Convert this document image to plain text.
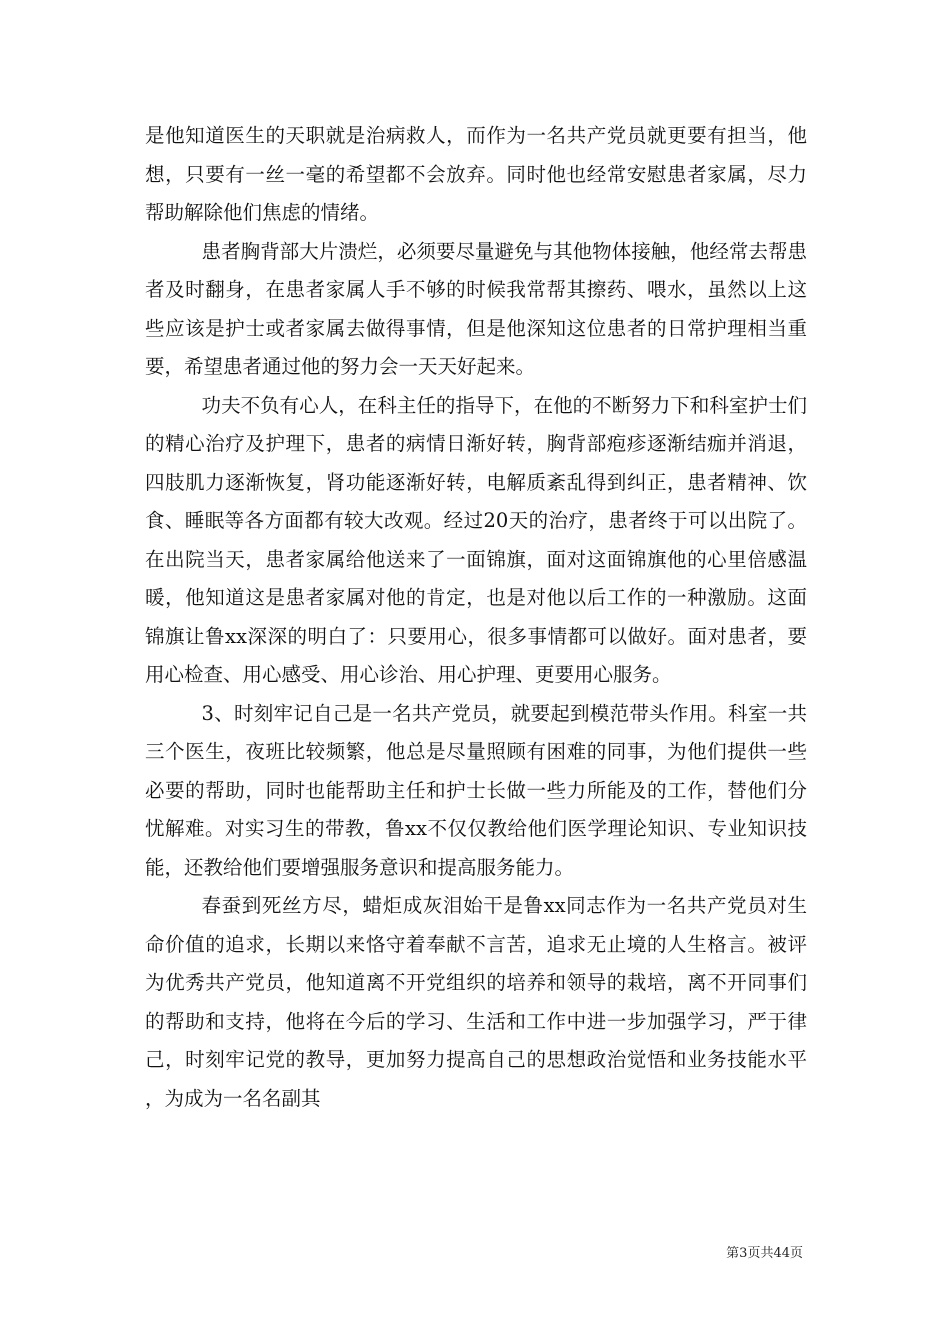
是他知道医生的天职就是治病救人，而作为一名共产党员就更要有担当，他想，只要有一丝一毫的希望都不会放弃。同时他也经常安慰患者家属，尽力帮助解除他们焦虑的情绪。

患者胸背部大片溃烂，必须要尽量避免与其他物体接触，他经常去帮患者及时翻身，在患者家属人手不够的时候我常帮其擦药、喂水，虽然以上这些应该是护士或者家属去做得事情，但是他深知这位患者的日常护理相当重要，希望患者通过他的努力会一天天好起来。

功夫不负有心人，在科主任的指导下，在他的不断努力下和科室护士们的精心治疗及护理下，患者的病情日渐好转，胸背部疱疹逐渐结痂并消退，四肢肌力逐渐恢复，肾功能逐渐好转，电解质紊乱得到纠正，患者精神、饮食、睡眠等各方面都有较大改观。经过20天的治疗，患者终于可以出院了。在出院当天，患者家属给他送来了一面锦旗，面对这面锦旗他的心里倍感温暖，他知道这是患者家属对他的肯定，也是对他以后工作的一种激励。这面锦旗让鲁xx深深的明白了：只要用心，很多事情都可以做好。面对患者，要用心检查、用心感受、用心诊治、用心护理、更要用心服务。

3、时刻牢记自己是一名共产党员，就要起到模范带头作用。科室一共三个医生，夜班比较频繁，他总是尽量照顾有困难的同事，为他们提供一些必要的帮助，同时也能帮助主任和护士长做一些力所能及的工作，替他们分忧解难。对实习生的带教，鲁xx不仅仅教给他们医学理论知识、专业知识技能，还教给他们要增强服务意识和提高服务能力。

春蚕到死丝方尽，蜡炬成灰泪始干是鲁xx同志作为一名共产党员对生命价值的追求，长期以来恪守着奉献不言苦，追求无止境的人生格言。被评为优秀共产党员，他知道离不开党组织的培养和领导的栽培，离不开同事们的帮助和支持，他将在今后的学习、生活和工作中进一步加强学习，严于律己，时刻牢记党的教导，更加努力提高自己的思想政治觉悟和业务技能水平，为成为一名名副其

第3页共44页
